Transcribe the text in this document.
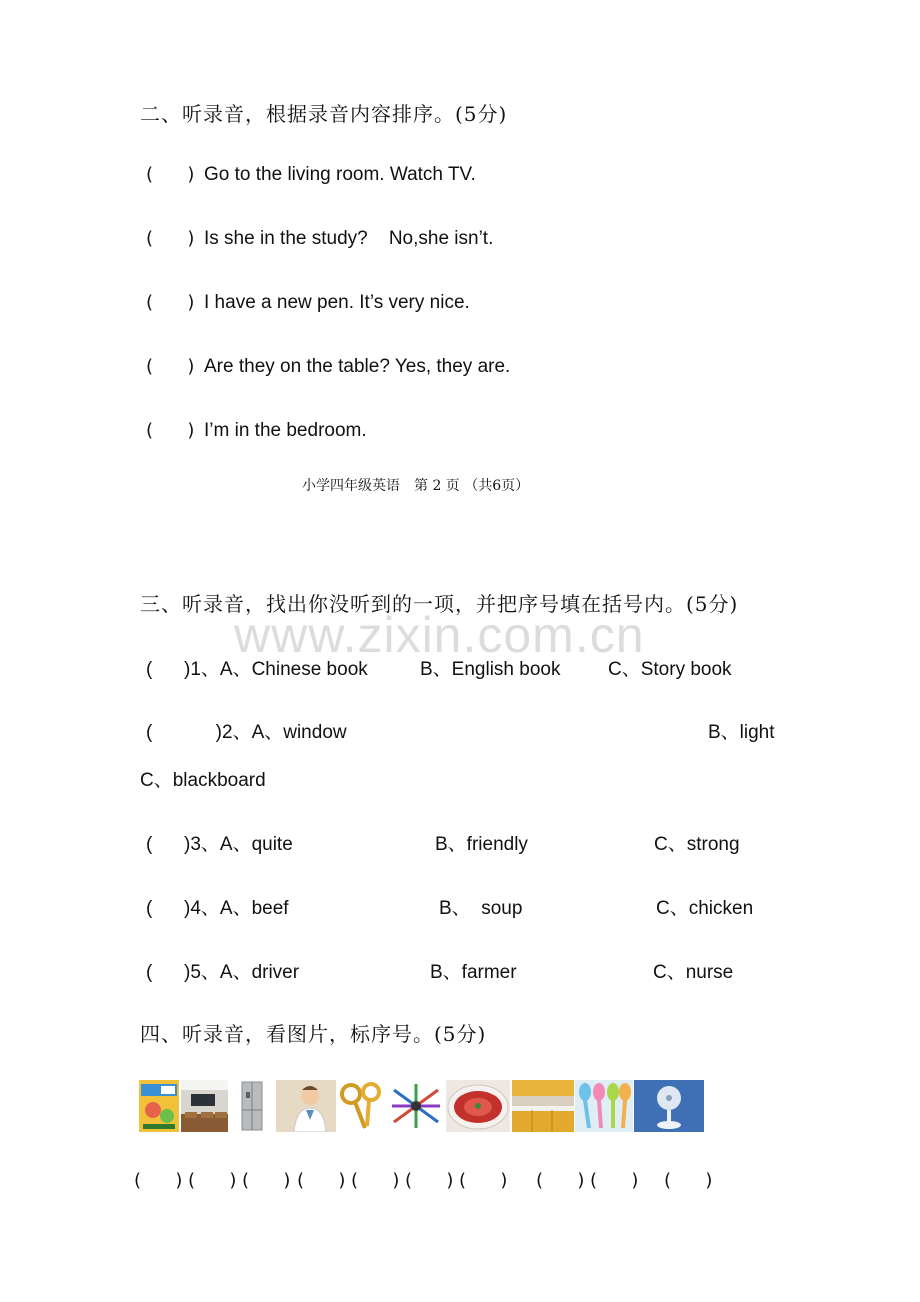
二、听录音，根据录音内容排序。(5分)
(      ) Go to the living room. Watch TV.
(      ) Is she in the study?    No,she isn’t.
(      ) I have a new pen. It’s very nice.
(      ) Are they on the table? Yes, they are.
(      ) I’m in the bedroom.
小学四年级英语　第 2 页 （共6页）
三、听录音，找出你没听到的一项，并把序号填在括号内。(5分)
www.zixin.com.cn
(      )1、A、Chinese book	B、English book	C、Story book
(            )2、A、window	B、light
C、blackboard
(      )3、A、quite	B、friendly	C、strong
(      )4、A、beef	B、  soup	C、chicken
(      )5、A、driver	B、farmer	C、nurse
四、听录音，看图片，标序号。(5分)
(      ) (      ) (      ) (      ) (      ) (      ) (      ) (      ) (      ) (      )
